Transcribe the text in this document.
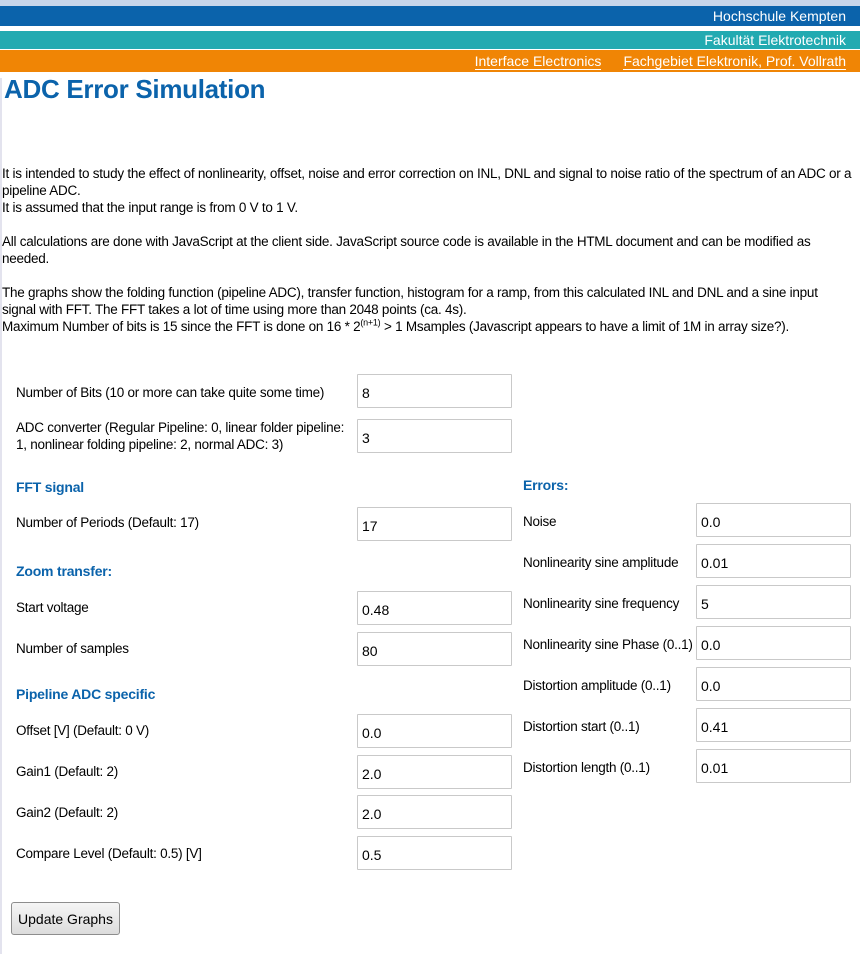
Hochschule Kempten
Fakultät Elektrotechnik
Interface Electronics Fachgebiet Elektronik, Prof. Vollrath
ADC Error Simulation

It is intended to study the effect of nonlinearity, offset, noise and error correction on INL, DNL and signal to noise ratio of the spectrum of an ADC or a pipeline ADC.

It is assumed that the input range is from 0 V to 1 V.

All calculations are done with JavaScript at the client side. JavaScript source code is available in the HTML document and can be modified as needed.

The graphs show the folding function (pipeline ADC), transfer function, histogram for a ramp, from this calculated INL and DNL and a sine input signal with FFT. The FFT takes a lot of time using more than 2048 points (ca. 4s).

Maximum Number of bits is 15 since the FFT is done on $16 * 2^{(n+1)} > 1$ Msamples (Javascript appears to have a limit of 1M in array size?).

Number of Bits (10 or more can take quite some time)
8
ADC converter (Regular Pipeline: 0, linear folder pipeline: 1, nonlinear folding pipeline: 2, normal ADC: 3)
3
FFT signal
Number of Periods (Default: 17)
17
Zoom transfer:
Start voltage
0.48
Number of samples
80
Pipeline ADC specific
Offset [V] (Default: 0 V)
0.0
Gain1 (Default: 2)
2.0
Gain2 (Default: 2)
2.0
Compare Level (Default: 0.5) [V]
0.5
Errors:
Noise
0.0
Nonlinearity sine amplitude
0.01
Nonlinearity sine frequency
5
Nonlinearity sine Phase (0..1)
0.0
Distortion amplitude (0..1)
0.0
Distortion start (0..1)
0.41
Distortion length (0..1)
0.01
Update Graphs
